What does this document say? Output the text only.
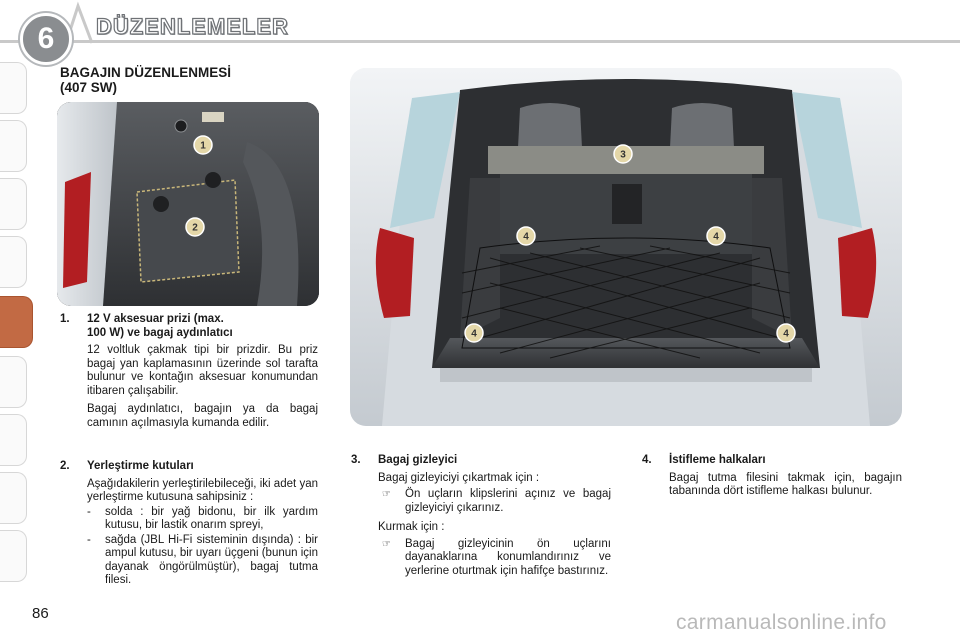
6	DÜZENLEMELER
BAGAJIN DÜZENLENMESİ
(407 SW)
1
2
3
4	4
4	4
1. 12 V aksesuar prizi (max.
100 W) ve bagaj aydınlatıcı

12 voltluk çakmak tipi bir prizdir. Bu priz bagaj yan kaplamasının üzerinde sol tarafta bulunur ve kontağın aksesuar konumundan itibaren çalışabilir.

Bagaj aydınlatıcı, bagajın ya da bagaj camının açılmasıyla kumanda edilir.

2. Yerleştirme kutuları

Aşağıdakilerin yerleştirilebileceği, iki adet yan yerleştirme kutusuna sahipsiniz :

- solda : bir yağ bidonu, bir ilk yardım kutusu, bir lastik onarım spreyi,
- sağda (JBL Hi-Fi sisteminin dışında) : bir ampul kutusu, bir uyarı üçgeni (bunun için dayanak öngörülmüştür), bagaj tutma filesi.
3. Bagaj gizleyici

Bagaj gizleyiciyi çıkartmak için :

☞ Ön uçların klipslerini açınız ve bagaj gizleyiciyi çıkarınız.

Kurmak için :

☞ Bagaj gizleyicinin ön uçlarını dayanaklarına konumlandırınız ve yerlerine oturtmak için hafifçe bastırınız.
4. İstifleme halkaları

Bagaj tutma filesini takmak için, bagajın tabanında dört istifleme halkası bulunur.

86	carmanualsonline.info
